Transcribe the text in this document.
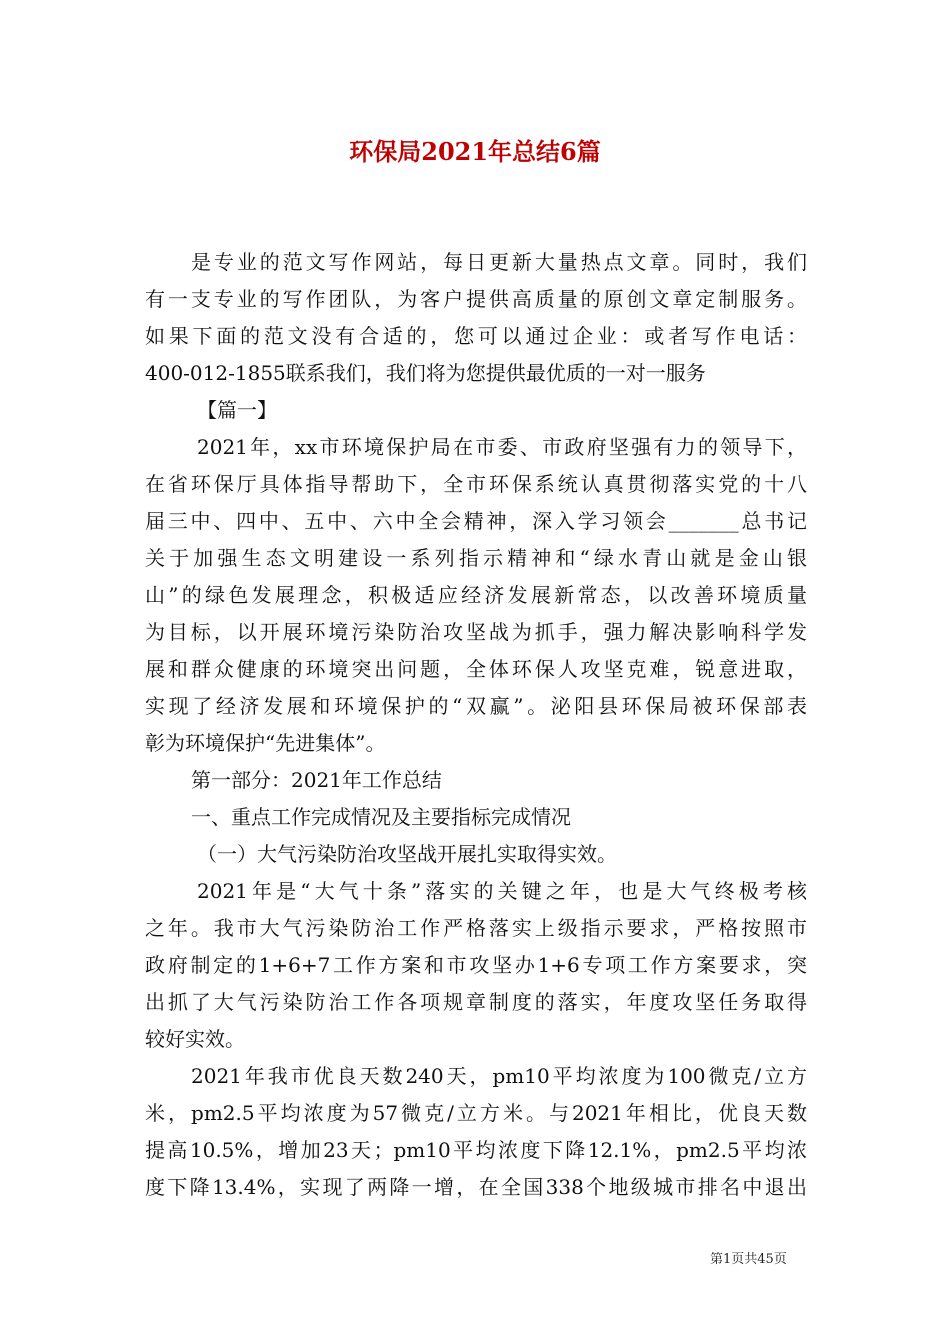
环保局2021年总结6篇
是专业的范文写作网站，每日更新大量热点文章。同时，我们
有一支专业的写作团队，为客户提供高质量的原创文章定制服务。
如果下面的范文没有合适的，您可以通过企业：或者写作电话：
400-012-1855联系我们，我们将为您提供最优质的一对一服务
【篇一】
2021年，xx市环境保护局在市委、市政府坚强有力的领导下，
在省环保厅具体指导帮助下，全市环保系统认真贯彻落实党的十八
届三中、四中、五中、六中全会精神，深入学习领会_______总书记
关于加强生态文明建设一系列指示精神和“绿水青山就是金山银
山”的绿色发展理念，积极适应经济发展新常态，以改善环境质量
为目标，以开展环境污染防治攻坚战为抓手，强力解决影响科学发
展和群众健康的环境突出问题，全体环保人攻坚克难，锐意进取，
实现了经济发展和环境保护的“双赢”。泌阳县环保局被环保部表
彰为环境保护“先进集体”。
第一部分：2021年工作总结
一、重点工作完成情况及主要指标完成情况
（一）大气污染防治攻坚战开展扎实取得实效。
2021年是“大气十条”落实的关键之年，也是大气终极考核
之年。我市大气污染防治工作严格落实上级指示要求，严格按照市
政府制定的1+6+7工作方案和市攻坚办1+6专项工作方案要求，突
出抓了大气污染防治工作各项规章制度的落实，年度攻坚任务取得
较好实效。
2021年我市优良天数240天，pm10平均浓度为100微克/立方
米，pm2.5平均浓度为57微克/立方米。与2021年相比，优良天数
提高10.5%，增加23天；pm10平均浓度下降12.1%，pm2.5平均浓
度下降13.4%，实现了两降一增，在全国338个地级城市排名中退出
第1页共45页
